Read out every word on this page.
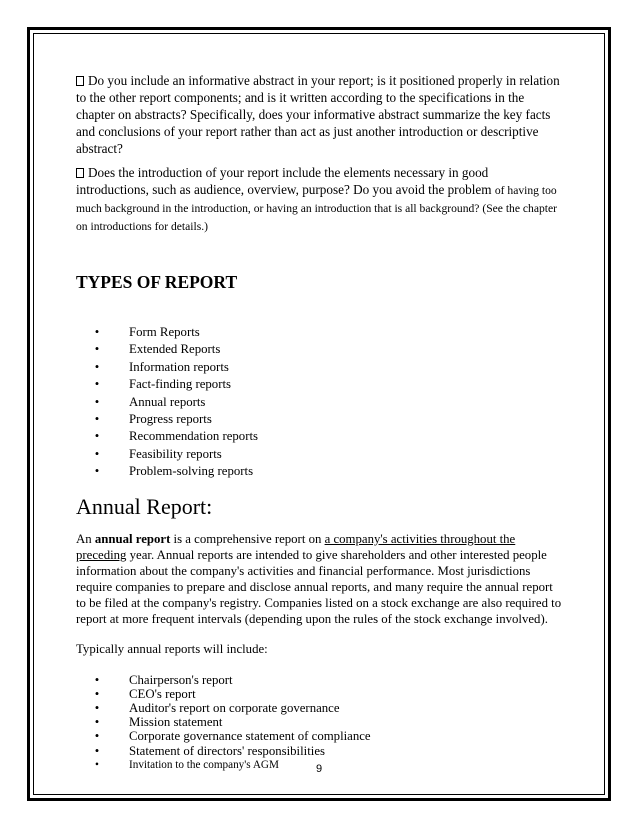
Do you include an informative abstract in your report; is it positioned properly in relation to the other report components; and is it written according to the specifications in the chapter on abstracts? Specifically, does your informative abstract summarize the key facts and conclusions of your report rather than act as just another introduction or descriptive abstract?

Does the introduction of your report include the elements necessary in good introductions, such as audience, overview, purpose? Do you avoid the problem of having too much background in the introduction, or having an introduction that is all background? (See the chapter on introductions for details.)

TYPES OF REPORT
• Form Reports
• Extended Reports
• Information reports
• Fact-finding reports
• Annual reports
• Progress reports
• Recommendation reports
• Feasibility reports
• Problem-solving reports
Annual Report:

An annual report is a comprehensive report on a company's activities throughout the preceding year. Annual reports are intended to give shareholders and other interested people information about the company's activities and financial performance. Most jurisdictions require companies to prepare and disclose annual reports, and many require the annual report to be filed at the company's registry. Companies listed on a stock exchange are also required to report at more frequent intervals (depending upon the rules of the stock exchange involved).

Typically annual reports will include:

• Chairperson's report
• CEO's report
• Auditor's report on corporate governance
• Mission statement
• Corporate governance statement of compliance
• Statement of directors' responsibilities
•	Invitation to the company's AGM	9
